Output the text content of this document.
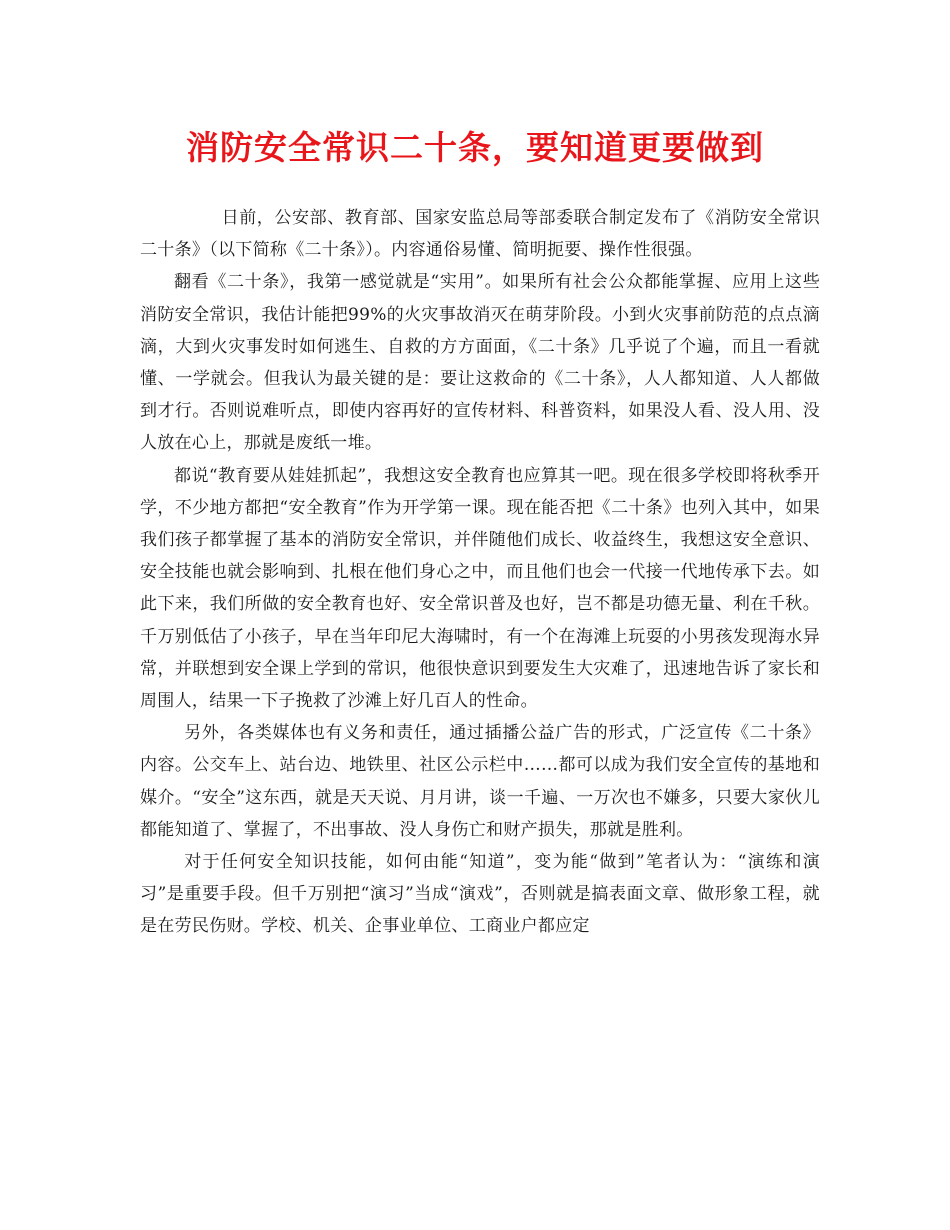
消防安全常识二十条，要知道更要做到

日前，公安部、教育部、国家安监总局等部委联合制定发布了《消防安全常识二十条》（以下简称《二十条》）。内容通俗易懂、简明扼要、操作性很强。

翻看《二十条》，我第一感觉就是“实用”。如果所有社会公众都能掌握、应用上这些消防安全常识，我估计能把99%的火灾事故消灭在萌芽阶段。小到火灾事前防范的点点滴滴，大到火灾事发时如何逃生、自救的方方面面，《二十条》几乎说了个遍，而且一看就懂、一学就会。但我认为最关键的是：要让这救命的《二十条》，人人都知道、人人都做到才行。否则说难听点，即使内容再好的宣传材料、科普资料，如果没人看、没人用、没人放在心上，那就是废纸一堆。

都说“教育要从娃娃抓起”，我想这安全教育也应算其一吧。现在很多学校即将秋季开学，不少地方都把“安全教育”作为开学第一课。现在能否把《二十条》也列入其中，如果我们孩子都掌握了基本的消防安全常识，并伴随他们成长、收益终生，我想这安全意识、安全技能也就会影响到、扎根在他们身心之中，而且他们也会一代接一代地传承下去。如此下来，我们所做的安全教育也好、安全常识普及也好，岂不都是功德无量、利在千秋。千万别低估了小孩子，早在当年印尼大海啸时，有一个在海滩上玩耍的小男孩发现海水异常，并联想到安全课上学到的常识，他很快意识到要发生大灾难了，迅速地告诉了家长和周围人，结果一下子挽救了沙滩上好几百人的性命。

另外，各类媒体也有义务和责任，通过插播公益广告的形式，广泛宣传《二十条》内容。公交车上、站台边、地铁里、社区公示栏中……都可以成为我们安全宣传的基地和媒介。“安全”这东西，就是天天说、月月讲，谈一千遍、一万次也不嫌多，只要大家伙儿都能知道了、掌握了，不出事故、没人身伤亡和财产损失，那就是胜利。

对于任何安全知识技能，如何由能“知道”，变为能“做到”笔者认为：“演练和演习”是重要手段。但千万别把“演习”当成“演戏”，否则就是搞表面文章、做形象工程，就是在劳民伤财。学校、机关、企事业单位、工商业户都应定
